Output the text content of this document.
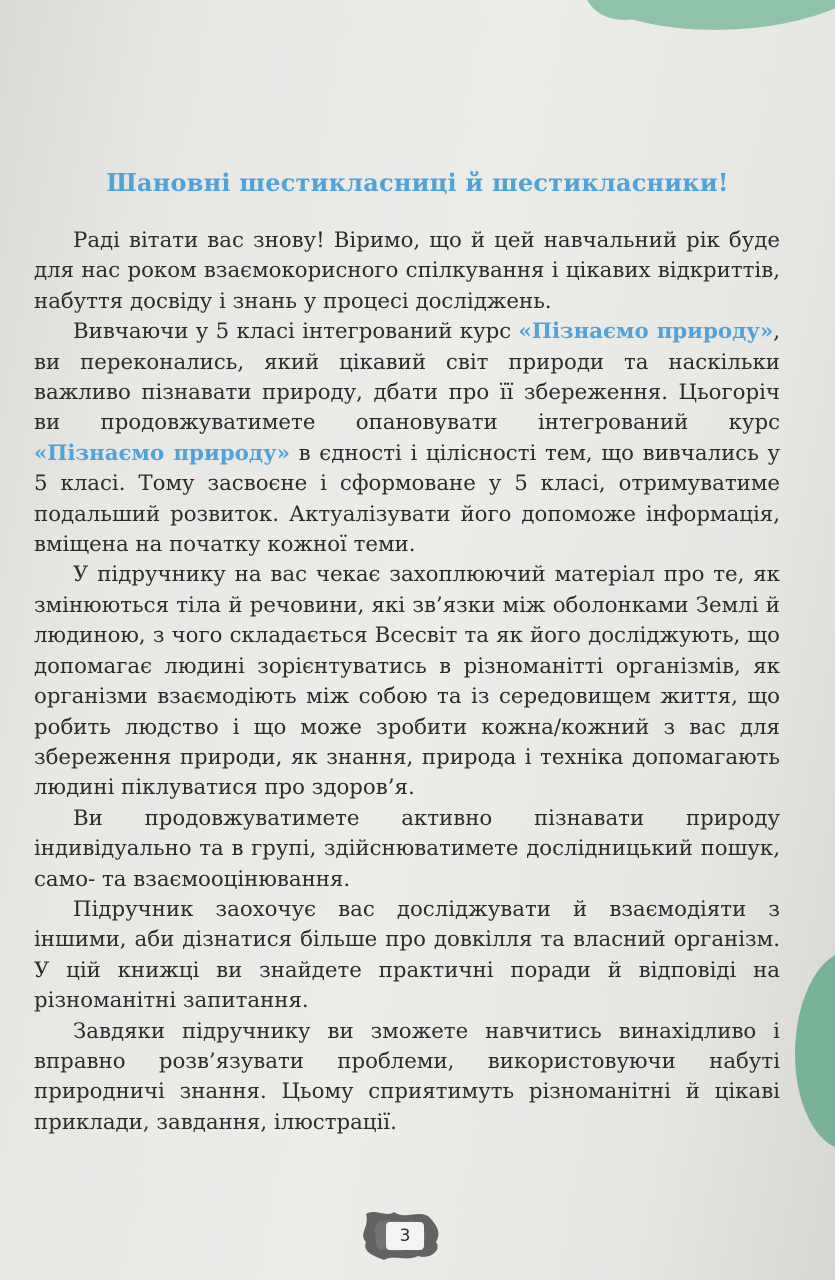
Шановні шестикласниці й шестикласники!

Раді вітати вас знову! Віримо, що й цей навчальний рік буде для нас роком взаємокорисного спілкування і цікавих відкриттів, набуття досвіду і знань у процесі досліджень.

Вивчаючи у 5 класі інтегрований курс «Пізнаємо природу», ви переконались, який цікавий світ природи та наскільки важливо пізнавати природу, дбати про її збереження. Цьогоріч ви продовжуватимете опановувати інтегрований курс «Пізнаємо природу» в єдності і цілісності тем, що вивчались у 5 класі. Тому засвоєне і сформоване у 5 класі, отримуватиме подальший розвиток. Актуалізувати його допоможе інформація, вміщена на початку кожної теми.

У підручнику на вас чекає захоплюючий матеріал про те, як змінюються тіла й речовини, які зв’язки між оболонками Землі й людиною, з чого складається Всесвіт та як його досліджують, що допомагає людині зорієнтуватись в різноманітті організмів, як організми взаємодіють між собою та із середовищем життя, що робить людство і що може зробити кожна/кожний з вас для збереження природи, як знання, природа і техніка допомагають людині піклуватися про здоров’я.

Ви продовжуватимете активно пізнавати природу індивідуально та в групі, здійснюватимете дослідницький пошук, само- та взаємооцінювання.

Підручник заохочує вас досліджувати й взаємодіяти з іншими, аби дізнатися більше про довкілля та власний організм. У цій книжці ви знайдете практичні поради й відповіді на різноманітні запитання.

Завдяки підручнику ви зможете навчитись винахідливо і вправно розв’язувати проблеми, використовуючи набуті природничі знання. Цьому сприятимуть різноманітні й цікаві приклади, завдання, ілюстрації.

3
